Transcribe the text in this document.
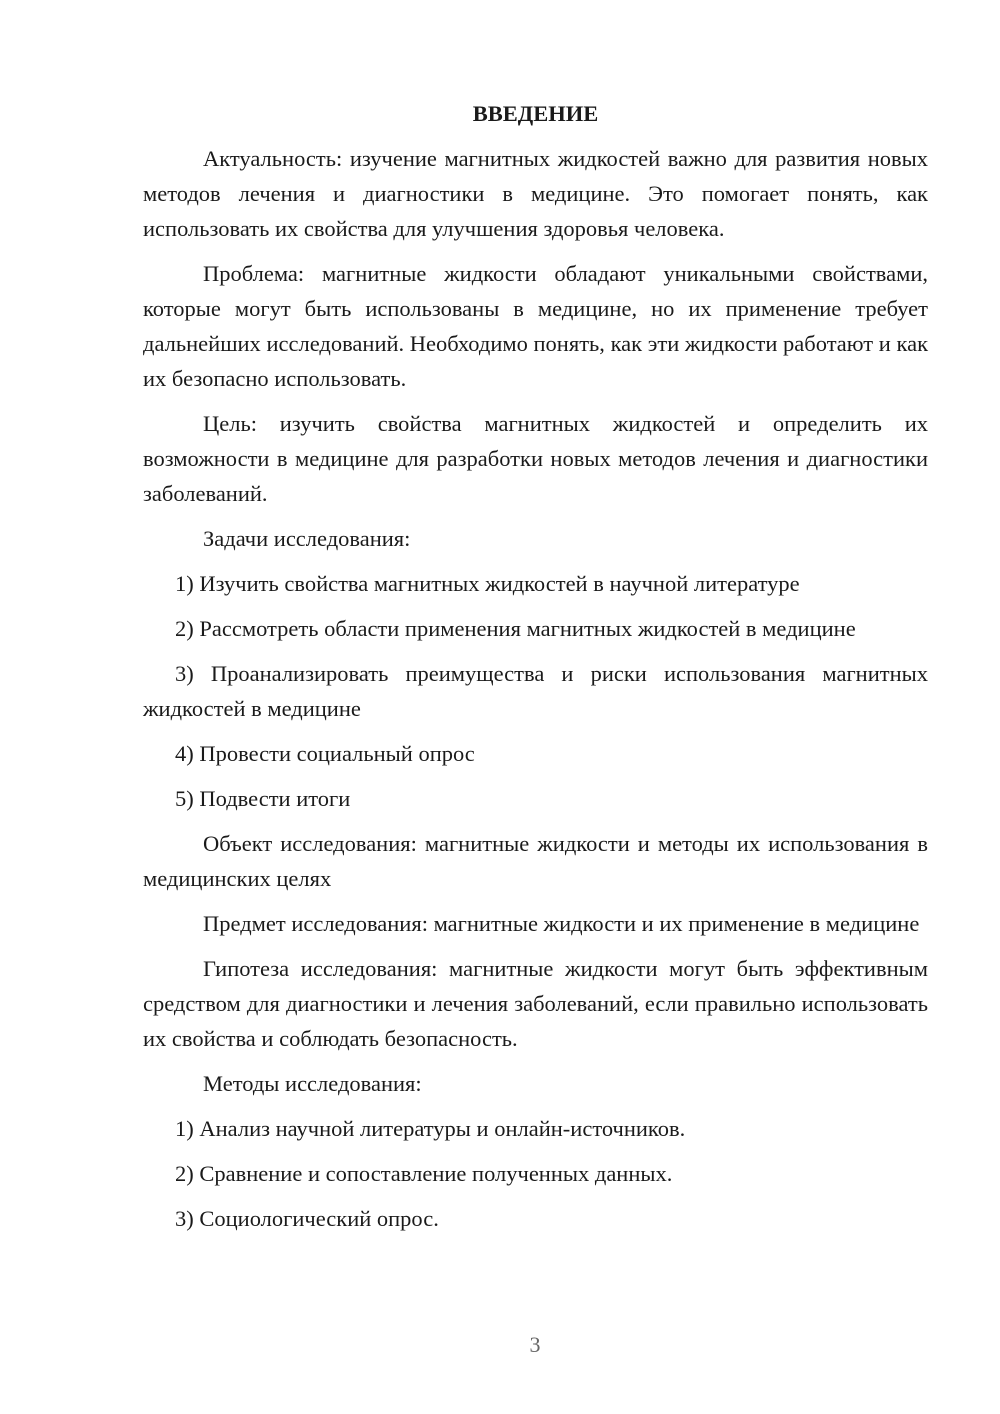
ВВЕДЕНИЕ
Актуальность: изучение магнитных жидкостей важно для развития новых методов лечения и диагностики в медицине. Это помогает понять, как использовать их свойства для улучшения здоровья человека.
Проблема: магнитные жидкости обладают уникальными свойствами, которые могут быть использованы в медицине, но их применение требует дальнейших исследований. Необходимо понять, как эти жидкости работают и как их безопасно использовать.
Цель: изучить свойства магнитных жидкостей и определить их возможности в медицине для разработки новых методов лечения и диагностики заболеваний.
Задачи исследования:
1) Изучить свойства магнитных жидкостей в научной литературе
2) Рассмотреть области применения магнитных жидкостей в медицине
3) Проанализировать преимущества и риски использования магнитных жидкостей в медицине
4) Провести социальный опрос
5) Подвести итоги
Объект исследования: магнитные жидкости и методы их использования в медицинских целях
Предмет исследования: магнитные жидкости и их применение в медицине
Гипотеза исследования: магнитные жидкости могут быть эффективным средством для диагностики и лечения заболеваний, если правильно использовать их свойства и соблюдать безопасность.
Методы исследования:
1) Анализ научной литературы и онлайн-источников.
2) Сравнение и сопоставление полученных данных.
3) Социологический опрос.
3
